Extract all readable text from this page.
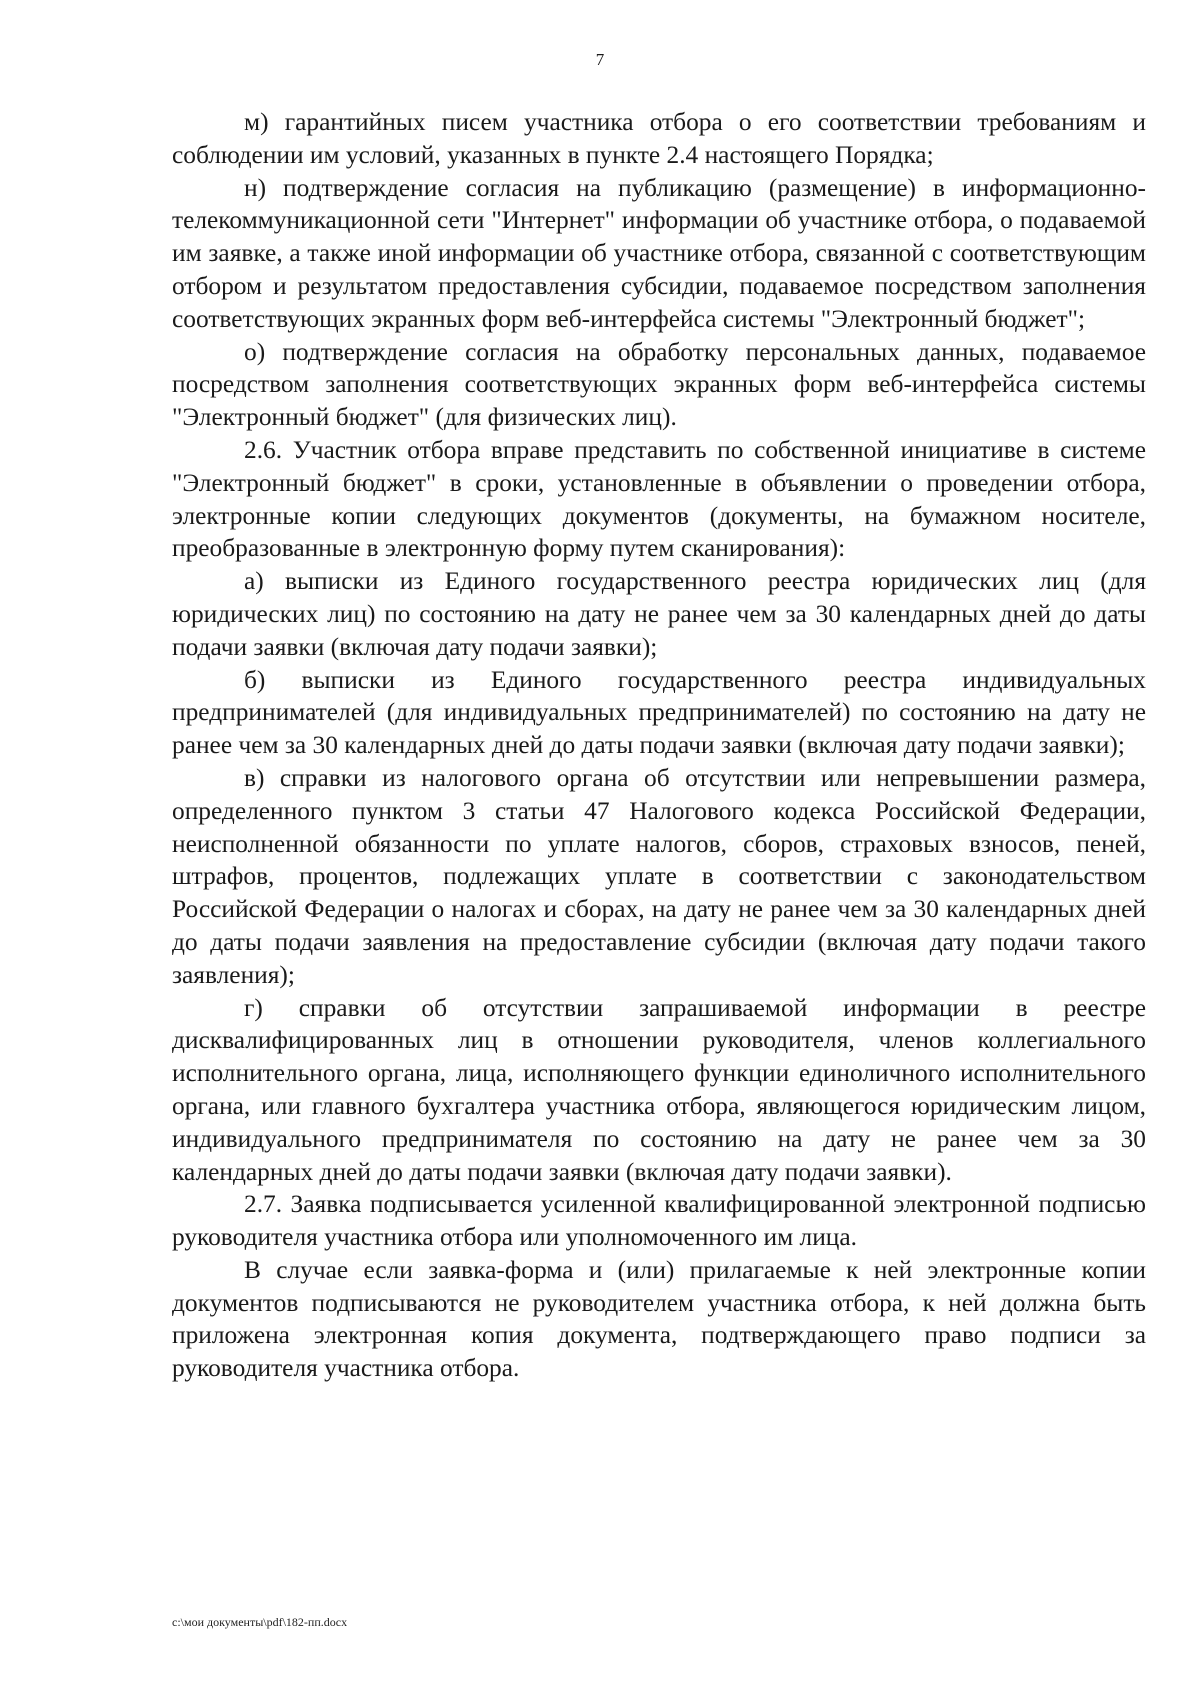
7

м) гарантийных писем участника отбора о его соответствии требованиям и соблюдении им условий, указанных в пункте 2.4 настоящего Порядка;

н) подтверждение согласия на публикацию (размещение) в информационно-телекоммуникационной сети "Интернет" информации об участнике отбора, о подаваемой им заявке, а также иной информации об участнике отбора, связанной с соответствующим отбором и результатом предоставления субсидии, подаваемое посредством заполнения соответствующих экранных форм веб-интерфейса системы "Электронный бюджет";

о) подтверждение согласия на обработку персональных данных, подаваемое посредством заполнения соответствующих экранных форм веб-интерфейса системы "Электронный бюджет" (для физических лиц).

2.6. Участник отбора вправе представить по собственной инициативе в системе "Электронный бюджет" в сроки, установленные в объявлении о проведении отбора, электронные копии следующих документов (документы, на бумажном носителе, преобразованные в электронную форму путем сканирования):

а) выписки из Единого государственного реестра юридических лиц (для юридических лиц) по состоянию на дату не ранее чем за 30 календарных дней до даты подачи заявки (включая дату подачи заявки);

б) выписки из Единого государственного реестра индивидуальных предпринимателей (для индивидуальных предпринимателей) по состоянию на дату не ранее чем за 30 календарных дней до даты подачи заявки (включая дату подачи заявки);

в) справки из налогового органа об отсутствии или непревышении размера, определенного пунктом 3 статьи 47 Налогового кодекса Российской Федерации, неисполненной обязанности по уплате налогов, сборов, страховых взносов, пеней, штрафов, процентов, подлежащих уплате в соответствии с законодательством Российской Федерации о налогах и сборах, на дату не ранее чем за 30 календарных дней до даты подачи заявления на предоставление субсидии (включая дату подачи такого заявления);

г) справки об отсутствии запрашиваемой информации в реестре дисквалифицированных лиц в отношении руководителя, членов коллегиального исполнительного органа, лица, исполняющего функции единоличного исполнительного органа, или главного бухгалтера участника отбора, являющегося юридическим лицом, индивидуального предпринимателя по состоянию на дату не ранее чем за 30 календарных дней до даты подачи заявки (включая дату подачи заявки).

2.7. Заявка подписывается усиленной квалифицированной электронной подписью руководителя участника отбора или уполномоченного им лица.

В случае если заявка-форма и (или) прилагаемые к ней электронные копии документов подписываются не руководителем участника отбора, к ней должна быть приложена электронная копия документа, подтверждающего право подписи за руководителя участника отбора.

c:\мои документы\pdf\182-пп.docx
